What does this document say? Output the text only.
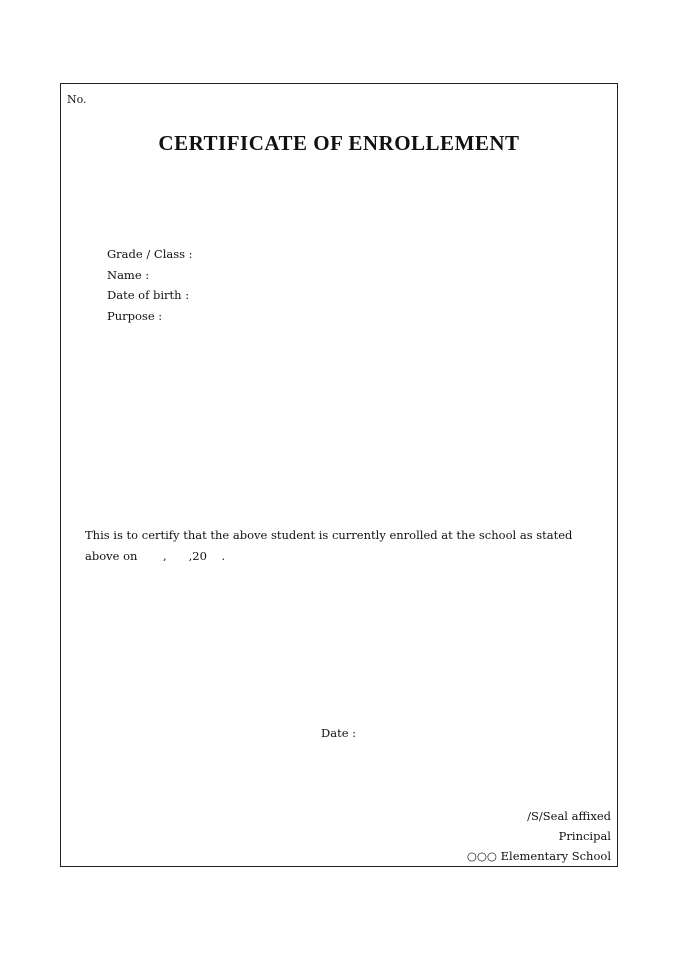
No.
CERTIFICATE OF ENROLLEMENT
Grade / Class :
Name :
Date of birth :
Purpose :
This is to certify that the above student is currently enrolled at the school as stated
above on       ,      ,20    .
Date :
/S/Seal affixed
Principal
○○○ Elementary School
